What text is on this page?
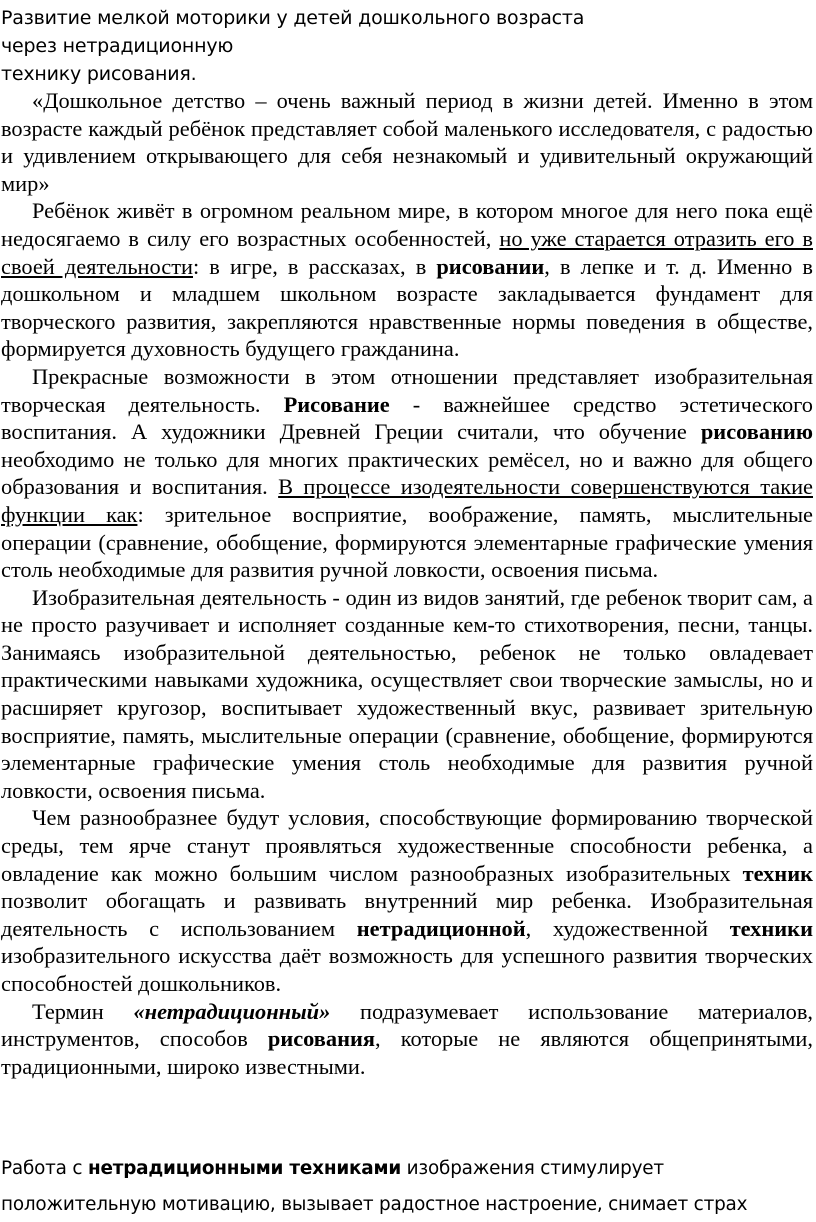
Развитие мелкой моторики у детей дошкольного возраста
через нетрадиционную
технику рисования.

«Дошкольное детство – очень важный период в жизни детей. Именно в этом возрасте каждый ребёнок представляет собой маленького исследователя, с радостью и удивлением открывающего для себя незнакомый и удивительный окружающий мир»

Ребёнок живёт в огромном реальном мире, в котором многое для него пока ещё недосягаемо в силу его возрастных особенностей, но уже старается отразить его в своей деятельности: в игре, в рассказах, в рисовании, в лепке и т. д. Именно в дошкольном и младшем школьном возрасте закладывается фундамент для творческого развития, закрепляются нравственные нормы поведения в обществе, формируется духовность будущего гражданина.

Прекрасные возможности в этом отношении представляет изобразительная творческая деятельность. Рисование - важнейшее средство эстетического воспитания. А художники Древней Греции считали, что обучение рисованию необходимо не только для многих практических ремёсел, но и важно для общего образования и воспитания. В процессе изодеятельности совершенствуются такие функции как: зрительное восприятие, воображение, память, мыслительные операции (сравнение, обобщение, формируются элементарные графические умения столь необходимые для развития ручной ловкости, освоения письма.

Изобразительная деятельность - один из видов занятий, где ребенок творит сам, а не просто разучивает и исполняет созданные кем-то стихотворения, песни, танцы. Занимаясь изобразительной деятельностью, ребенок не только овладевает практическими навыками художника, осуществляет свои творческие замыслы, но и расширяет кругозор, воспитывает художественный вкус, развивает зрительную восприятие, память, мыслительные операции (сравнение, обобщение, формируются элементарные графические умения столь необходимые для развития ручной ловкости, освоения письма.

Чем разнообразнее будут условия, способствующие формированию творческой среды, тем ярче станут проявляться художественные способности ребенка, а овладение как можно большим числом разнообразных изобразительных техник позволит обогащать и развивать внутренний мир ребенка. Изобразительная деятельность с использованием нетрадиционной, художественной техники изобразительного искусства даёт возможность для успешного развития творческих способностей дошкольников.

Термин «нетрадиционный» подразумевает использование материалов, инструментов, способов рисования, которые не являются общепринятыми, традиционными, широко известными.

Работа с нетрадиционными техниками изображения стимулирует
положительную мотивацию, вызывает радостное настроение, снимает страх
